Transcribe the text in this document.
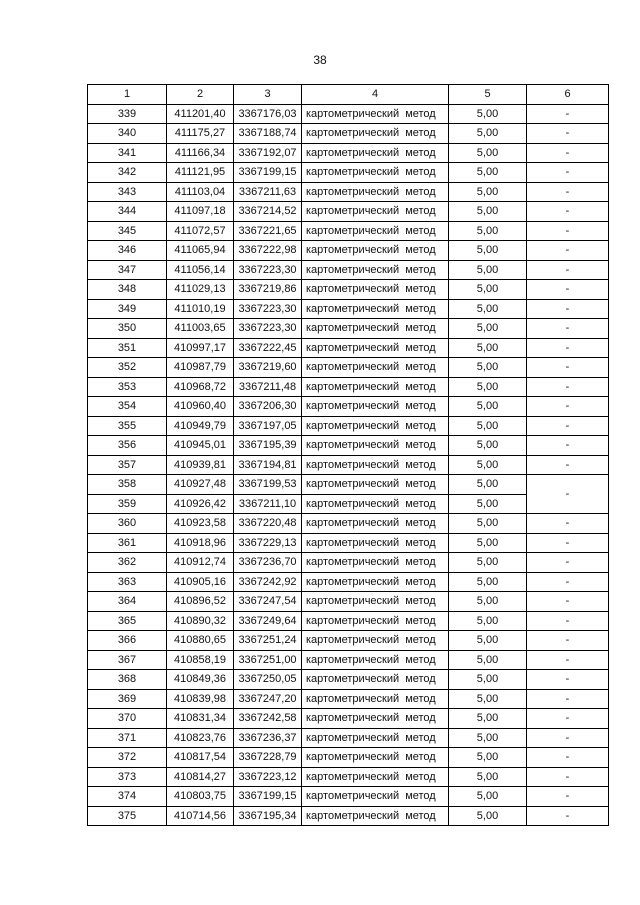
38
1	2	3	4	5	6
339	411201,40	3367176,03	картометрический метод	5,00	-
340	411175,27	3367188,74	картометрический метод	5,00	-
341	411166,34	3367192,07	картометрический метод	5,00	-
342	411121,95	3367199,15	картометрический метод	5,00	-
343	411103,04	3367211,63	картометрический метод	5,00	-
344	411097,18	3367214,52	картометрический метод	5,00	-
345	411072,57	3367221,65	картометрический метод	5,00	-
346	411065,94	3367222,98	картометрический метод	5,00	-
347	411056,14	3367223,30	картометрический метод	5,00	-
348	411029,13	3367219,86	картометрический метод	5,00	-
349	411010,19	3367223,30	картометрический метод	5,00	-
350	411003,65	3367223,30	картометрический метод	5,00	-
351	410997,17	3367222,45	картометрический метод	5,00	-
352	410987,79	3367219,60	картометрический метод	5,00	-
353	410968,72	3367211,48	картометрический метод	5,00	-
354	410960,40	3367206,30	картометрический метод	5,00	-
355	410949,79	3367197,05	картометрический метод	5,00	-
356	410945,01	3367195,39	картометрический метод	5,00	-
357	410939,81	3367194,81	картометрический метод	5,00	-
358	410927,48	3367199,53	картометрический метод	5,00	-
359	410926,42	3367211,10	картометрический метод	5,00	
360	410923,58	3367220,48	картометрический метод	5,00	-
361	410918,96	3367229,13	картометрический метод	5,00	-
362	410912,74	3367236,70	картометрический метод	5,00	-
363	410905,16	3367242,92	картометрический метод	5,00	-
364	410896,52	3367247,54	картометрический метод	5,00	-
365	410890,32	3367249,64	картометрический метод	5,00	-
366	410880,65	3367251,24	картометрический метод	5,00	-
367	410858,19	3367251,00	картометрический метод	5,00	-
368	410849,36	3367250,05	картометрический метод	5,00	-
369	410839,98	3367247,20	картометрический метод	5,00	-
370	410831,34	3367242,58	картометрический метод	5,00	-
371	410823,76	3367236,37	картометрический метод	5,00	-
372	410817,54	3367228,79	картометрический метод	5,00	-
373	410814,27	3367223,12	картометрический метод	5,00	-
374	410803,75	3367199,15	картометрический метод	5,00	-
375	410714,56	3367195,34	картометрический метод	5,00	-
